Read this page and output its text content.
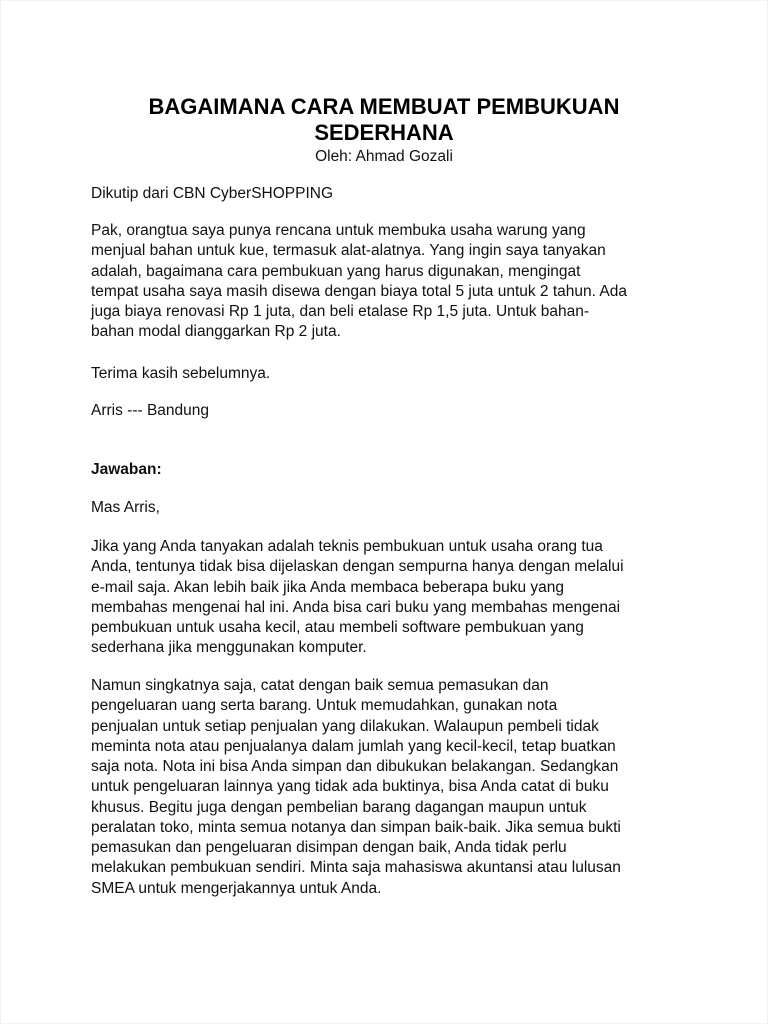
BAGAIMANA CARA MEMBUAT PEMBUKUAN
SEDERHANA
Oleh: Ahmad Gozali
Dikutip dari CBN CyberSHOPPING
Pak, orangtua saya punya rencana untuk membuka usaha warung yang
menjual bahan untuk kue, termasuk alat-alatnya. Yang ingin saya tanyakan
adalah, bagaimana cara pembukuan yang harus digunakan, mengingat
tempat usaha saya masih disewa dengan biaya total 5 juta untuk 2 tahun. Ada
juga biaya renovasi Rp 1 juta, dan beli etalase Rp 1,5 juta. Untuk bahan-
bahan modal dianggarkan Rp 2 juta.
Terima kasih sebelumnya.
Arris --- Bandung
Jawaban:
Mas Arris,
Jika yang Anda tanyakan adalah teknis pembukuan untuk usaha orang tua
Anda, tentunya tidak bisa dijelaskan dengan sempurna hanya dengan melalui
e-mail saja. Akan lebih baik jika Anda membaca beberapa buku yang
membahas mengenai hal ini. Anda bisa cari buku yang membahas mengenai
pembukuan untuk usaha kecil, atau membeli software pembukuan yang
sederhana jika menggunakan komputer.
Namun singkatnya saja, catat dengan baik semua pemasukan dan
pengeluaran uang serta barang. Untuk memudahkan, gunakan nota
penjualan untuk setiap penjualan yang dilakukan. Walaupun pembeli tidak
meminta nota atau penjualanya dalam jumlah yang kecil-kecil, tetap buatkan
saja nota. Nota ini bisa Anda simpan dan dibukukan belakangan. Sedangkan
untuk pengeluaran lainnya yang tidak ada buktinya, bisa Anda catat di buku
khusus. Begitu juga dengan pembelian barang dagangan maupun untuk
peralatan toko, minta semua notanya dan simpan baik-baik. Jika semua bukti
pemasukan dan pengeluaran disimpan dengan baik, Anda tidak perlu
melakukan pembukuan sendiri. Minta saja mahasiswa akuntansi atau lulusan
SMEA untuk mengerjakannya untuk Anda.
